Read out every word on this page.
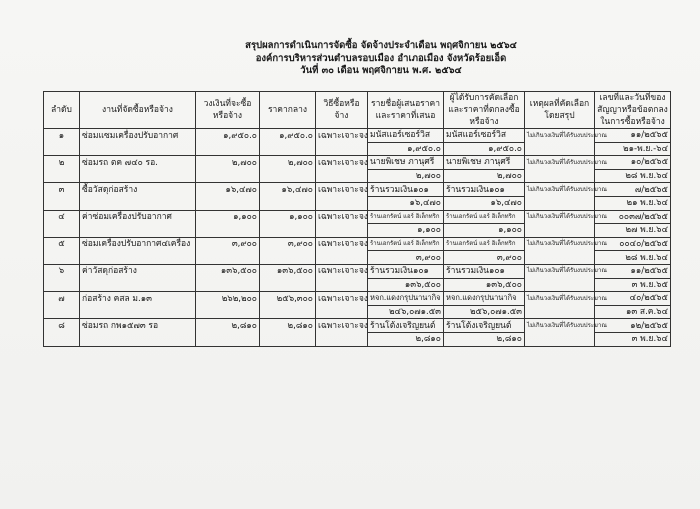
สรุปผลการดำเนินการจัดซื้อ จัดจ้างประจำเดือน พฤศจิกายน ๒๕๖๔
องค์การบริหารส่วนตำบลรอบเมือง อำเภอเมือง จังหวัดร้อยเอ็ด
วันที่ ๓๐ เดือน พฤศจิกายน พ.ศ. ๒๕๖๔
ลำดับ	งานที่จัดซื้อหรือจ้าง	วงเงินที่จะซื้อหรือจ้าง	ราคากลาง	วิธีซื้อหรือจ้าง	รายชื่อผู้เสนอราคาและราคาที่เสนอ	ผู้ได้รับการคัดเลือกและราคาที่ตกลงซื้อหรือจ้าง	เหตุผลที่คัดเลือกโดยสรุป	เลขที่และวันที่ของสัญญาหรือข้อตกลงในการซื้อหรือจ้าง
๑	ซ่อมแซมเครื่องปรับอากาศ	๑,๙๕๐.๐	๑,๙๕๐.๐	เฉพาะเจาะจง	มนัสแอร์เซอร์วิส	มนัสแอร์เซอร์วิส	ไม่เกินวงเงินที่ได้รับงบประมาณ	๑๑/๒๕๖๕
					๑,๙๕๐.๐	๑,๙๕๐.๐		๒๑-พ.ย.-๖๔
๒	ซ่อมรถ ตค ๗๔๐ รอ.	๒,๗๐๐	๒,๗๐๐	เฉพาะเจาะจง	นายพิเชษ ภานุศรี	นายพิเชษ ภานุศรี	ไม่เกินวงเงินที่ได้รับงบประมาณ	๑๐/๒๕๖๕
					๒,๗๐๐	๒,๗๐๐		๒๘ พ.ย.๖๔
๓	ซื้อวัสดุก่อสร้าง	๑๖,๔๗๐	๑๖,๔๗๐	เฉพาะเจาะจง	ร้านรวมเงิน๑๐๑	ร้านรวมเงิน๑๐๑	ไม่เกินวงเงินที่ได้รับงบประมาณ	๗/๒๕๖๕
					๑๖,๔๗๐	๑๖,๔๗๐		๒๑ พ.ย.๖๔
๔	ค่าซ่อมเครื่องปรับอากาศ	๑,๑๐๐	๑,๑๐๐	เฉพาะเจาะจง	ร้านเอกรัตน์ แอร์ อิเล็กทริก	ร้านเอกรัตน์ แอร์ อิเล็กทริก	ไม่เกินวงเงินที่ได้รับงบประมาณ	๐๐๓๗/๒๕๖๕
					๑,๑๐๐	๑,๑๐๐		๒๗ พ.ย.๖๔
๕	ซ่อมเครื่องปรับอากาศ๔เครื่อง	๓,๙๐๐	๓,๙๐๐	เฉพาะเจาะจง	ร้านเอกรัตน์ แอร์ อิเล็กทริก	ร้านเอกรัตน์ แอร์ อิเล็กทริก	ไม่เกินวงเงินที่ได้รับงบประมาณ	๐๐๔๐/๒๕๖๕
					๓,๙๐๐	๓,๙๐๐		๒๘ พ.ย.๖๔
๖	ค่าวัสดุก่อสร้าง	๑๓๖,๕๐๐	๑๓๖,๕๐๐	เฉพาะเจาะจง	ร้านรวมเงิน๑๐๑	ร้านรวมเงิน๑๐๑	ไม่เกินวงเงินที่ได้รับงบประมาณ	๑๑/๒๕๖๕
					๑๓๖,๕๐๐	๑๓๖,๕๐๐		๓ พ.ย.๖๕
๗	ก่อสร้าง คสล ม.๑๓	๒๖๒,๒๐๐	๒๕๖,๓๐๐	เฉพาะเจาะจง	หจก.แดงกรุปนานากิจ	หจก.แดงกรุปนานากิจ	ไม่เกินวงเงินที่ได้รับงบประมาณ	๔๐/๒๕๖๕
					๒๔๖,๐๗๑.๕๓	๒๕๖,๐๗๑.๕๓		๑๓ ส.ค.๖๔
๘	ซ่อมรถ กพ๑๕๗๓ รอ	๒,๘๑๐	๒,๘๑๐	เฉพาะเจาะจง	ร้านโต้งเจริญยนต์	ร้านโต้งเจริญยนต์	ไม่เกินวงเงินที่ได้รับงบประมาณ	๑๒/๒๕๖๕
					๒,๘๑๐	๒,๘๑๐		๓ พ.ย.๖๔
